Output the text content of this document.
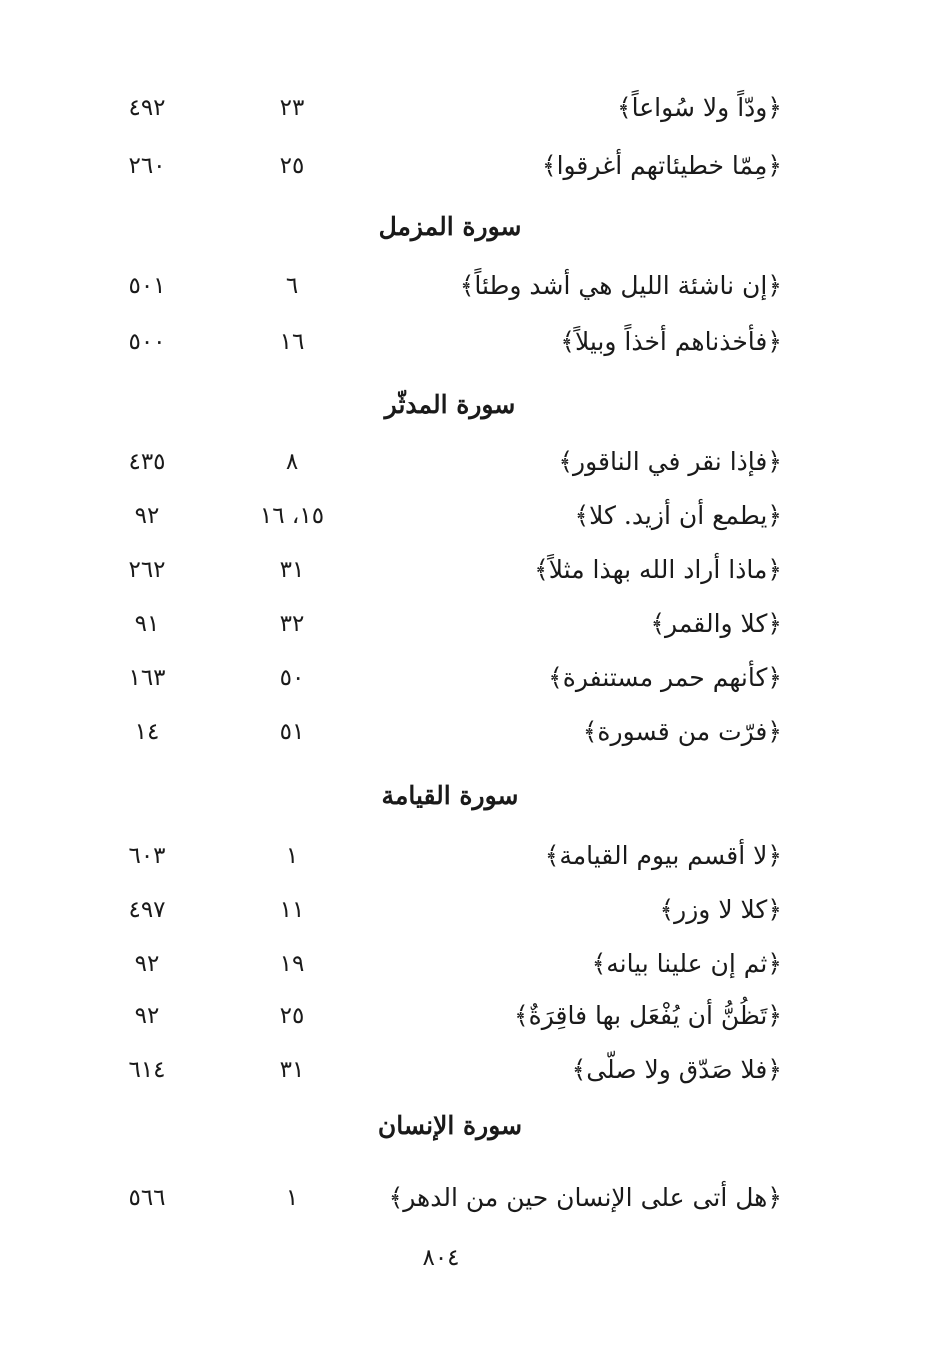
﴿ودّاً ولا سُواعاً﴾
٢٣
٤٩٢
﴿مِمّا خطيئاتهم أغرقوا﴾
٢٥
٢٦٠
سورة المزمل
﴿إن ناشئة الليل هي أشد وطئاً﴾
٦
٥٠١
﴿فأخذناهم أخذاً وبيلاً﴾
١٦
٥٠٠
سورة المدثّر
﴿فإذا نقر في الناقور﴾
٨
٤٣٥
﴿يطمع أن أزيد. كلا﴾
١٥، ١٦
٩٢
﴿ماذا أراد الله بهذا مثلاً﴾
٣١
٢٦٢
﴿كلا والقمر﴾
٣٢
٩١
﴿كأنهم حمر مستنفرة﴾
٥٠
١٦٣
﴿فرّت من قسورة﴾
٥١
١٤
سورة القيامة
﴿لا أقسم بيوم القيامة﴾
١
٦٠٣
﴿كلا لا وزر﴾
١١
٤٩٧
﴿ثم إن علينا بيانه﴾
١٩
٩٢
﴿تَظُنُّ أن يُفْعَل بها فاقِرَةٌ﴾
٢٥
٩٢
﴿فلا صَدّق ولا صلّى﴾
٣١
٦١٤
سورة الإنسان
﴿هل أتى على الإنسان حين من الدهر﴾
١
٥٦٦
٨٠٤
